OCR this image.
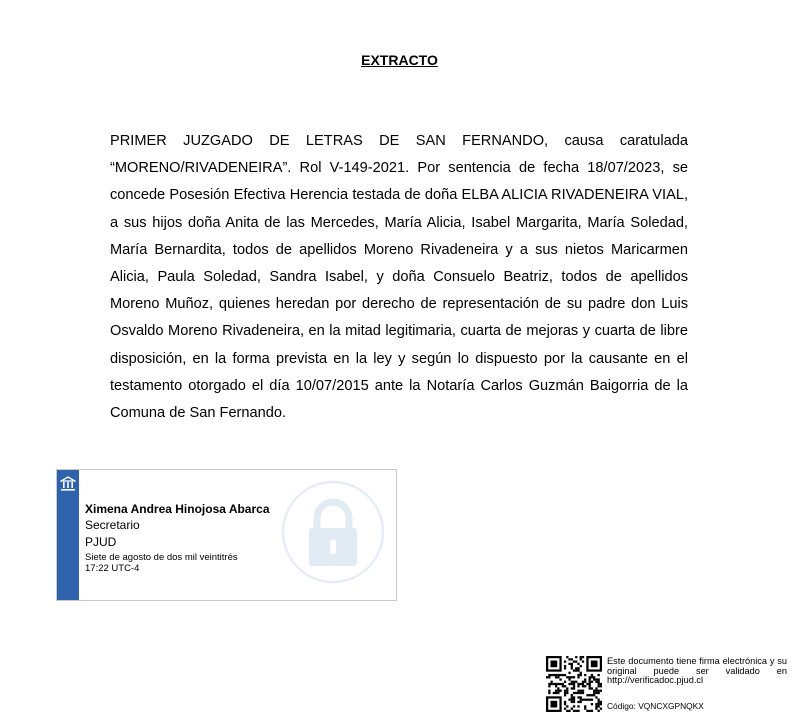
EXTRACTO

PRIMER JUZGADO DE LETRAS DE SAN FERNANDO, causa caratulada “MORENO/RIVADENEIRA”. Rol V-149-2021. Por sentencia de fecha 18/07/2023, se concede Posesión Efectiva Herencia testada de doña ELBA ALICIA RIVADENEIRA VIAL, a sus hijos doña Anita de las Mercedes, María Alicia, Isabel Margarita, María Soledad, María Bernardita, todos de apellidos Moreno Rivadeneira y a sus nietos Maricarmen Alicia, Paula Soledad, Sandra Isabel, y doña Consuelo Beatriz, todos de apellidos Moreno Muñoz, quienes heredan por derecho de representación de su padre don Luis Osvaldo Moreno Rivadeneira, en la mitad legitimaria, cuarta de mejoras y cuarta de libre disposición, en la forma prevista en la ley y según lo dispuesto por la causante en el testamento otorgado el día 10/07/2015 ante la Notaría Carlos Guzmán Baigorria de la Comuna de San Fernando.

Ximena Andrea Hinojosa Abarca
Secretario
PJUD
Siete de agosto de dos mil veintitrés
17:22 UTC-4
Este documento tiene firma electrónica y su original puede ser validado en http://verificadoc.pjud.cl
Código: VQNCXGPNQKX
